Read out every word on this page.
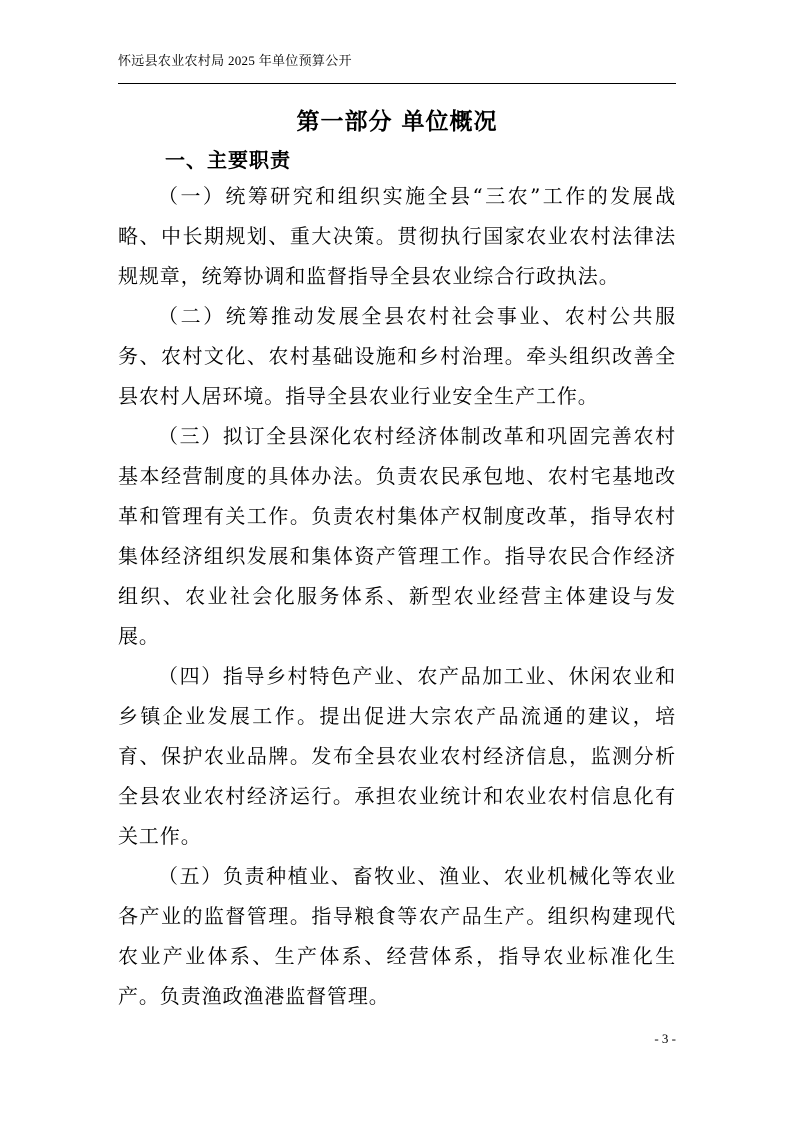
怀远县农业农村局 2025 年单位预算公开
第一部分 单位概况
一、主要职责

（一）统筹研究和组织实施全县“三农”工作的发展战略、中长期规划、重大决策。贯彻执行国家农业农村法律法规规章，统筹协调和监督指导全县农业综合行政执法。

（二）统筹推动发展全县农村社会事业、农村公共服务、农村文化、农村基础设施和乡村治理。牵头组织改善全县农村人居环境。指导全县农业行业安全生产工作。

（三）拟订全县深化农村经济体制改革和巩固完善农村基本经营制度的具体办法。负责农民承包地、农村宅基地改革和管理有关工作。负责农村集体产权制度改革，指导农村集体经济组织发展和集体资产管理工作。指导农民合作经济组织、农业社会化服务体系、新型农业经营主体建设与发展。

（四）指导乡村特色产业、农产品加工业、休闲农业和乡镇企业发展工作。提出促进大宗农产品流通的建议，培育、保护农业品牌。发布全县农业农村经济信息，监测分析全县农业农村经济运行。承担农业统计和农业农村信息化有关工作。

（五）负责种植业、畜牧业、渔业、农业机械化等农业各产业的监督管理。指导粮食等农产品生产。组织构建现代农业产业体系、生产体系、经营体系，指导农业标准化生产。负责渔政渔港监督管理。

- 3 -
